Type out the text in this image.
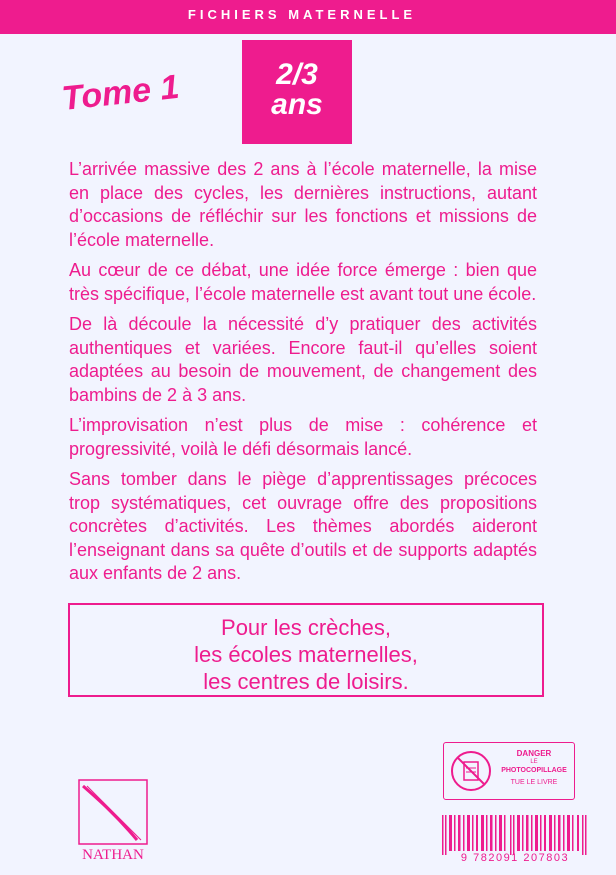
FICHIERS MATERNELLE
2/3
ans
Tome 1

L’arrivée massive des 2 ans à l’école maternelle, la mise en place des cycles, les dernières instructions, autant d’occasions de réfléchir sur les fonctions et missions de l’école maternelle.

Au cœur de ce débat, une idée force émerge : bien que très spécifique, l’école maternelle est avant tout une école.

De là découle la nécessité d’y pratiquer des activités authentiques et variées. Encore faut-il qu’elles soient adaptées au besoin de mouvement, de changement des bambins de 2 à 3 ans.

L’improvisation n’est plus de mise : cohérence et progressivité, voilà le défi désormais lancé.

Sans tomber dans le piège d’apprentissages précoces trop systématiques, cet ouvrage offre des propositions concrètes d’activités. Les thèmes abordés aideront l’enseignant dans sa quête d’outils et de supports adaptés aux enfants de 2 ans.

Pour les crèches,
les écoles maternelles,
les centres de loisirs.
DANGER
LE
PHOTOCOPILLAGE
TUE LE LIVRE
NATHAN	9 782091 207803
